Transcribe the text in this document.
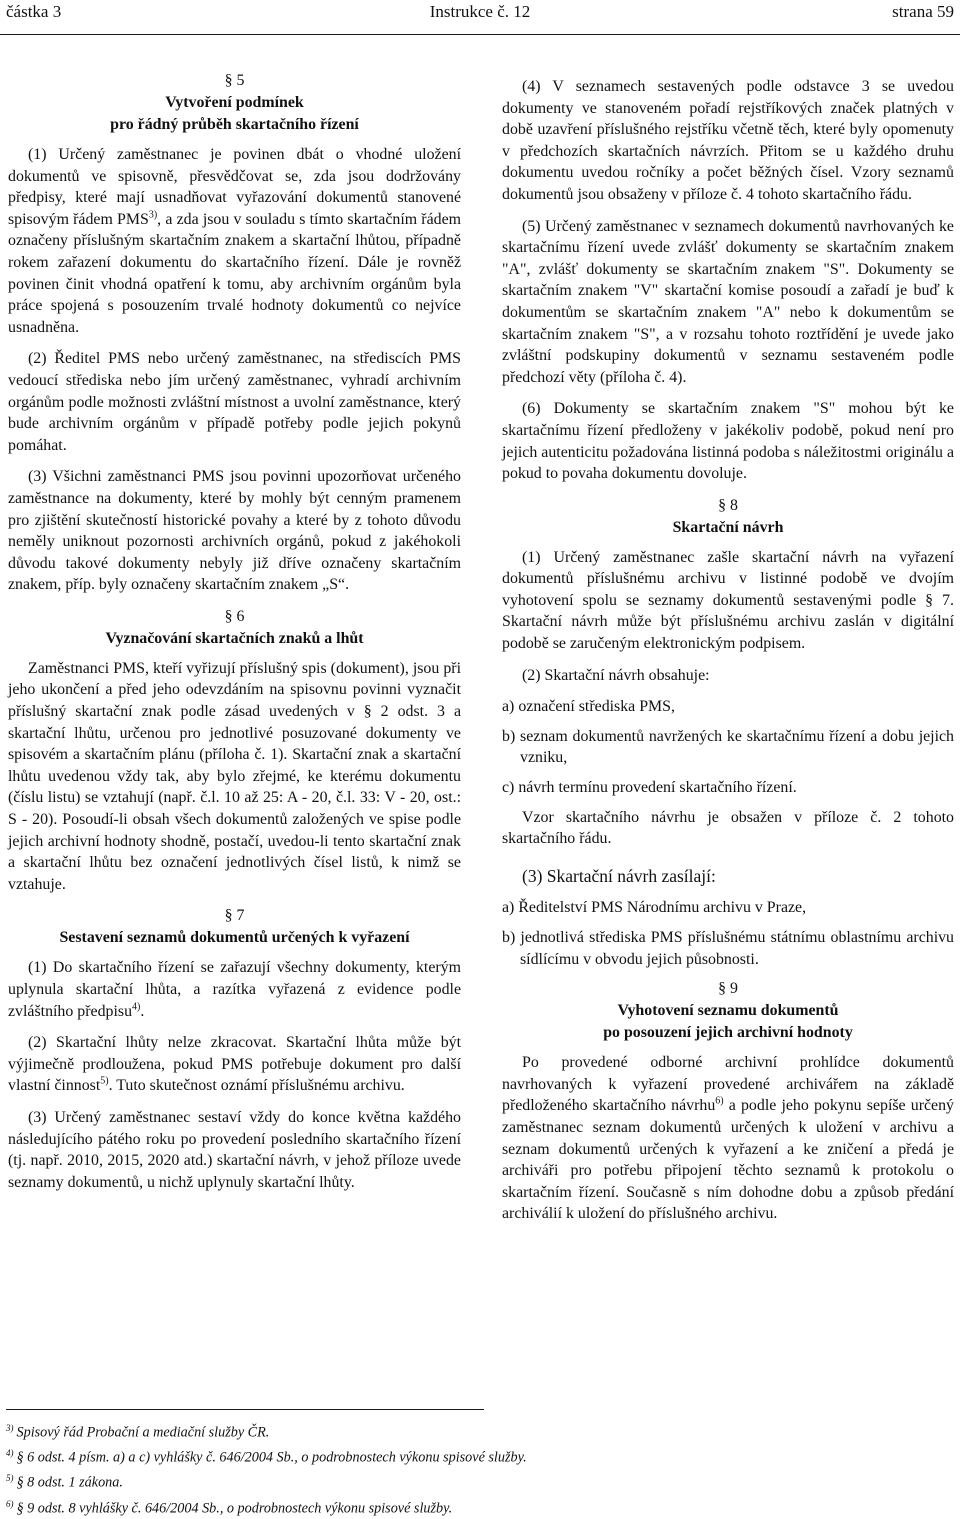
částka 3	Instrukce č. 12	strana 59
§ 5
Vytvoření podmínek
pro řádný průběh skartačního řízení

(1) Určený zaměstnanec je povinen dbát o vhodné uložení dokumentů ve spisovně, přesvědčovat se, zda jsou dodržovány předpisy, které mají usnadňovat vyřazování dokumentů stanovené spisovým řádem PMS$^{3)}$, a zda jsou v souladu s tímto skartačním řádem označeny příslušným skartačním znakem a skartační lhůtou, případně rokem zařazení dokumentu do skartačního řízení. Dále je rovněž povinen činit vhodná opatření k tomu, aby archivním orgánům byla práce spojená s posouzením trvalé hodnoty dokumentů co nejvíce usnadněna.

(2) Ředitel PMS nebo určený zaměstnanec, na střediscích PMS vedoucí střediska nebo jím určený zaměstnanec, vyhradí archivním orgánům podle možnosti zvláštní místnost a uvolní zaměstnance, který bude archivním orgánům v případě potřeby podle jejich pokynů pomáhat.

(3) Všichni zaměstnanci PMS jsou povinni upozorňovat určeného zaměstnance na dokumenty, které by mohly být cenným pramenem pro zjištění skutečností historické povahy a které by z tohoto důvodu neměly uniknout pozornosti archivních orgánů, pokud z jakéhokoli důvodu takové dokumenty nebyly již dříve označeny skartačním znakem, příp. byly označeny skartačním znakem „S“.

§ 6
Vyznačování skartačních znaků a lhůt

Zaměstnanci PMS, kteří vyřizují příslušný spis (dokument), jsou při jeho ukončení a před jeho odevzdáním na spisovnu povinni vyznačit příslušný skartační znak podle zásad uvedených v § 2 odst. 3 a skartační lhůtu, určenou pro jednotlivé posuzované dokumenty ve spisovém a skartačním plánu (příloha č. 1). Skartační znak a skartační lhůtu uvedenou vždy tak, aby bylo zřejmé, ke kterému dokumentu (číslu listu) se vztahují (např. č.l. 10 až 25: A - 20, č.l. 33: V - 20, ost.: S - 20). Posoudí-li obsah všech dokumentů založených ve spise podle jejich archivní hodnoty shodně, postačí, uvedou-li tento skartační znak a skartační lhůtu bez označení jednotlivých čísel listů, k nimž se vztahuje.

§ 7
Sestavení seznamů dokumentů určených k vyřazení

(1) Do skartačního řízení se zařazují všechny dokumenty, kterým uplynula skartační lhůta, a razítka vyřazená z evidence podle zvláštního předpisu$^{4)}$.

(2) Skartační lhůty nelze zkracovat. Skartační lhůta může být výjimečně prodloužena, pokud PMS potřebuje dokument pro další vlastní činnost$^{5)}$. Tuto skutečnost oznámí příslušnému archivu.

(3) Určený zaměstnanec sestaví vždy do konce května každého následujícího pátého roku po provedení posledního skartačního řízení (tj. např. 2010, 2015, 2020 atd.) skartační návrh, v jehož příloze uvede seznamy dokumentů, u nichž uplynuly skartační lhůty.

(4) V seznamech sestavených podle odstavce 3 se uvedou dokumenty ve stanoveném pořadí rejstříkových značek platných v době uzavření příslušného rejstříku včetně těch, které byly opomenuty v předchozích skartačních návrzích. Přitom se u každého druhu dokumentu uvedou ročníky a počet běžných čísel. Vzory seznamů dokumentů jsou obsaženy v příloze č. 4 tohoto skartačního řádu.

(5) Určený zaměstnanec v seznamech dokumentů navrhovaných ke skartačnímu řízení uvede zvlášť dokumenty se skartačním znakem "A", zvlášť dokumenty se skartačním znakem "S". Dokumenty se skartačním znakem "V" skartační komise posoudí a zařadí je buď k dokumentům se skartačním znakem "A" nebo k dokumentům se skartačním znakem "S", a v rozsahu tohoto roztřídění je uvede jako zvláštní podskupiny dokumentů v seznamu sestaveném podle předchozí věty (příloha č. 4).

(6) Dokumenty se skartačním znakem "S" mohou být ke skartačnímu řízení předloženy v jakékoliv podobě, pokud není pro jejich autenticitu požadována listinná podoba s náležitostmi originálu a pokud to povaha dokumentu dovoluje.

§ 8
Skartační návrh

(1) Určený zaměstnanec zašle skartační návrh na vyřazení dokumentů příslušnému archivu v listinné podobě ve dvojím vyhotovení spolu se seznamy dokumentů sestavenými podle § 7. Skartační návrh může být příslušnému archivu zaslán v digitální podobě se zaručeným elektronickým podpisem.

(2) Skartační návrh obsahuje:

a) označení střediska PMS,
b) seznam dokumentů navržených ke skartačnímu řízení a dobu jejich vzniku,
c) návrh termínu provedení skartačního řízení.

Vzor skartačního návrhu je obsažen v příloze č. 2 tohoto skartačního řádu.

(3) Skartační návrh zasílají:

a) Ředitelství PMS Národnímu archivu v Praze,
b) jednotlivá střediska PMS příslušnému státnímu oblastnímu archivu sídlícímu v obvodu jejich působnosti.
§ 9
Vyhotovení seznamu dokumentů
po posouzení jejich archivní hodnoty

Po provedené odborné archivní prohlídce dokumentů navrhovaných k vyřazení provedené archivářem na základě předloženého skartačního návrhu$^{6)}$ a podle jeho pokynu sepíše určený zaměstnanec seznam dokumentů určených k uložení v archivu a seznam dokumentů určených k vyřazení a ke zničení a předá je archiváři pro potřebu připojení těchto seznamů k protokolu o skartačním řízení. Současně s ním dohodne dobu a způsob předání archiválií k uložení do příslušného archivu.

$^{3)}$ Spisový řád Probační a mediační služby ČR.
$^{4)}$ § 6 odst. 4 písm. a) a c) vyhlášky č. 646/2004 Sb., o podrobnostech výkonu spisové služby.
$^{5)}$ § 8 odst. 1 zákona.
$^{6)}$ § 9 odst. 8 vyhlášky č. 646/2004 Sb., o podrobnostech výkonu spisové služby.
